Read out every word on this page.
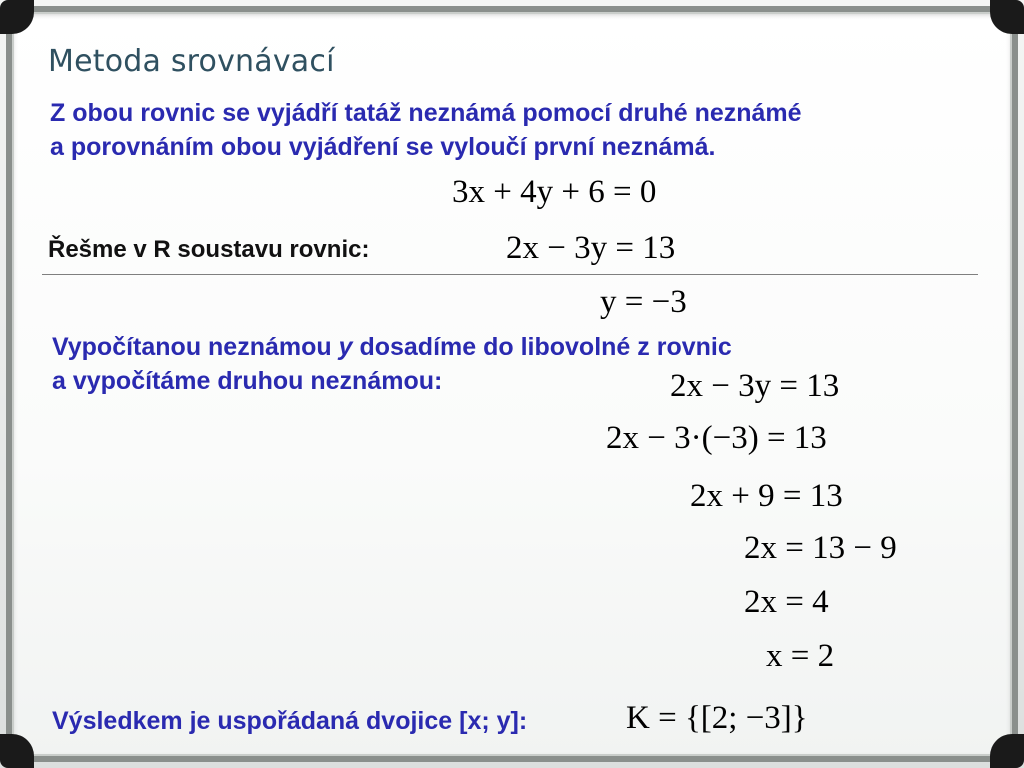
Metoda srovnávací
Z obou rovnic se vyjádří tatáž neznámá pomocí druhé neznámé
a porovnáním obou vyjádření se vyloučí první neznámá.
3x + 4y + 6 = 0
Řešme v R soustavu rovnic:	2x − 3y = 13
y = −3
Vypočítanou neznámou y dosadíme do libovolné z rovnic
a vypočítáme druhou neznámou:	2x − 3y = 13
2x − 3·(−3) = 13
2x + 9 = 13
2x = 13 − 9
2x = 4
x = 2
Výsledkem je uspořádaná dvojice [x; y]:	K = {[2; −3]}
